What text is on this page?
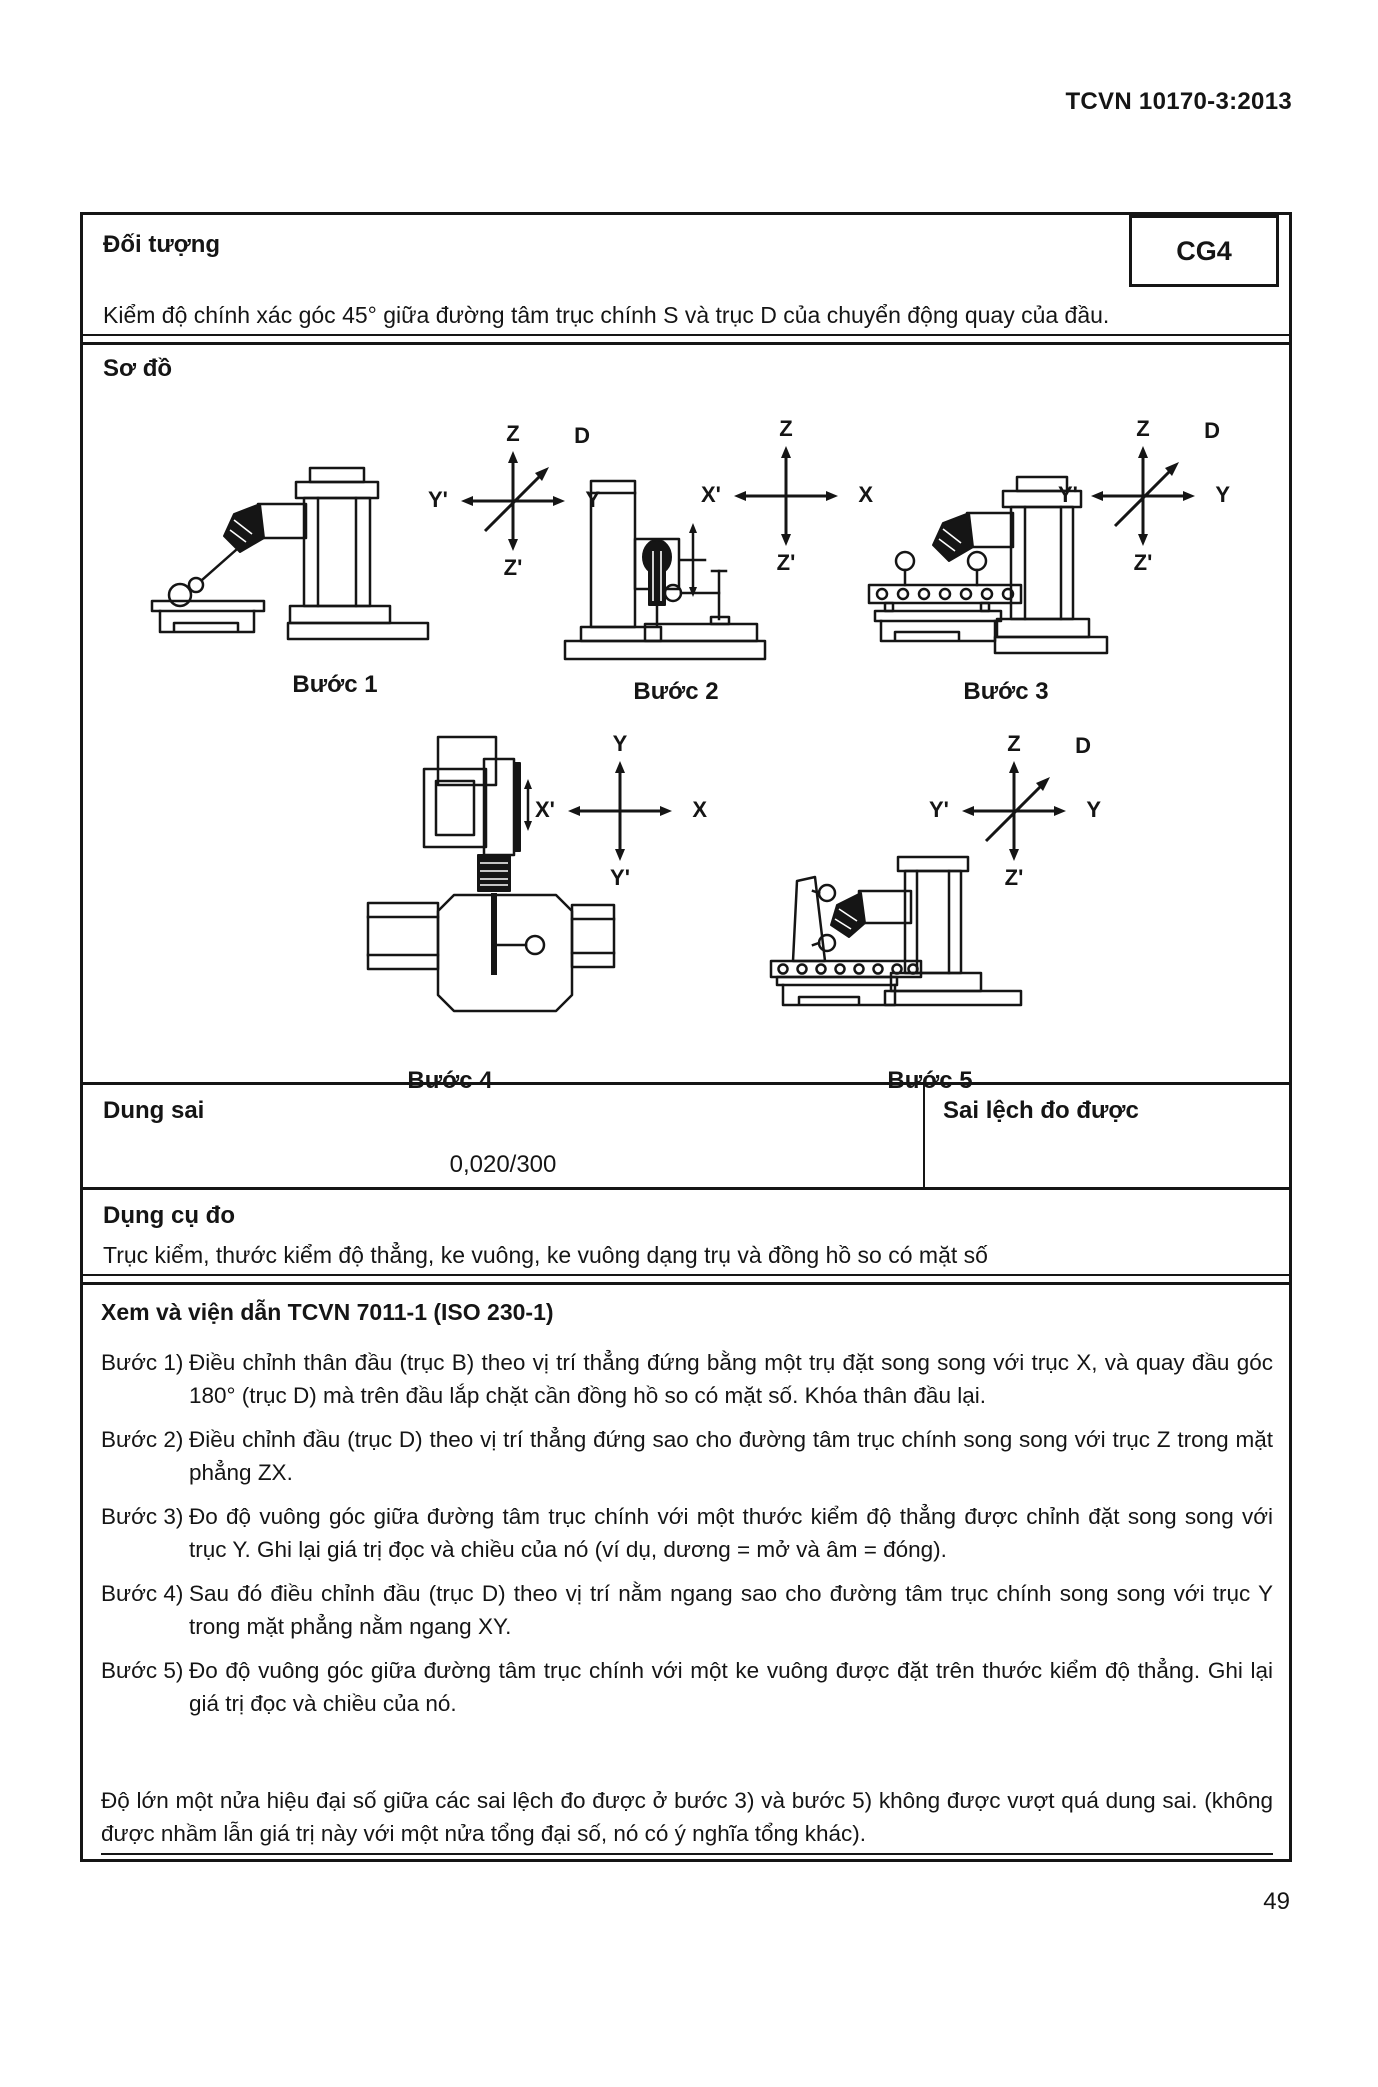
TCVN 10170-3:2013
Đối tượng	CG4
Kiểm độ chính xác góc 45° giữa đường tâm trục chính S và trục D của chuyển động quay của đầu.
Sơ đồ
Z
Z'
Y'	Y
D
Bước 1
Z
Z'
X'	X
Bước 2
Z
Z'
Y'	Y
D
Bước 3
Y
Y'
X'	X
Bước 4
Z
Z'
Y'	Y
D
Bước 5
Dung sai
0,020/300
Sai lệch đo được
Dụng cụ đo
Trục kiểm, thước kiểm độ thẳng, ke vuông, ke vuông dạng trụ và đồng hồ so có mặt số
Xem và viện dẫn TCVN 7011-1 (ISO 230-1)
Bước 1) Điều chỉnh thân đầu (trục B) theo vị trí thẳng đứng bằng một trụ đặt song song với trục X, và quay đầu góc 180° (trục D) mà trên đầu lắp chặt cần đồng hồ so có mặt số. Khóa thân đầu lại.
Bước 2) Điều chỉnh đầu (trục D) theo vị trí thẳng đứng sao cho đường tâm trục chính song song với trục Z trong mặt phẳng ZX.
Bước 3) Đo độ vuông góc giữa đường tâm trục chính với một thước kiểm độ thẳng được chỉnh đặt song song với trục Y. Ghi lại giá trị đọc và chiều của nó (ví dụ, dương = mở và âm = đóng).
Bước 4) Sau đó điều chỉnh đầu (trục D) theo vị trí nằm ngang sao cho đường tâm trục chính song song với trục Y trong mặt phẳng nằm ngang XY.
Bước 5) Đo độ vuông góc giữa đường tâm trục chính với một ke vuông được đặt trên thước kiểm độ thẳng. Ghi lại giá trị đọc và chiều của nó.
Độ lớn một nửa hiệu đại số giữa các sai lệch đo được ở bước 3) và bước 5) không được vượt quá dung sai. (không được nhầm lẫn giá trị này với một nửa tổng đại số, nó có ý nghĩa tổng khác).
49
